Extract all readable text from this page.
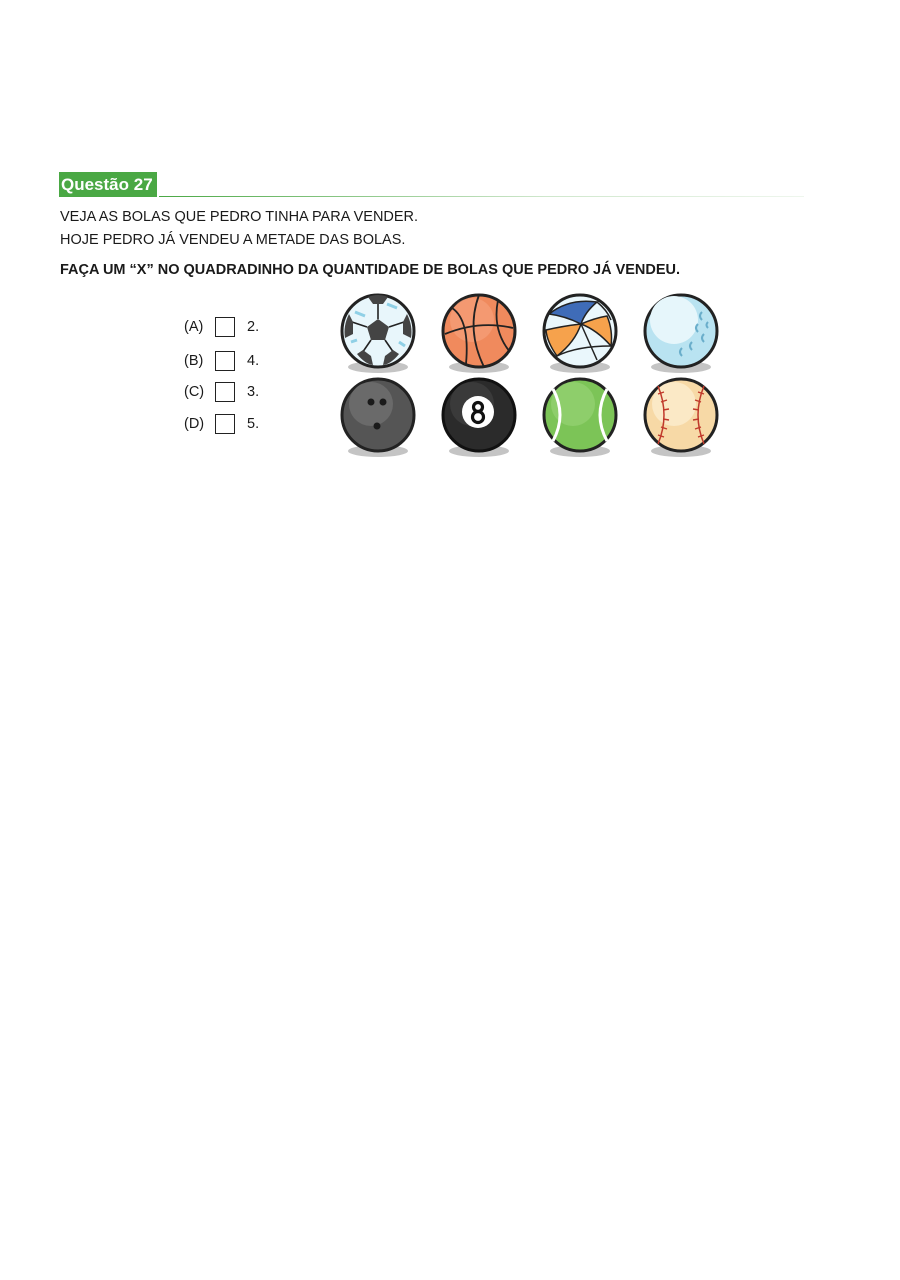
Questão 27
VEJA AS BOLAS QUE PEDRO TINHA PARA VENDER.
HOJE PEDRO JÁ VENDEU A METADE DAS BOLAS.
FAÇA UM “X” NO QUADRADINHO DA QUANTIDADE DE BOLAS QUE PEDRO JÁ VENDEU.
(A)	2.
(B)	4.
(C)	3.
(D)	5.
